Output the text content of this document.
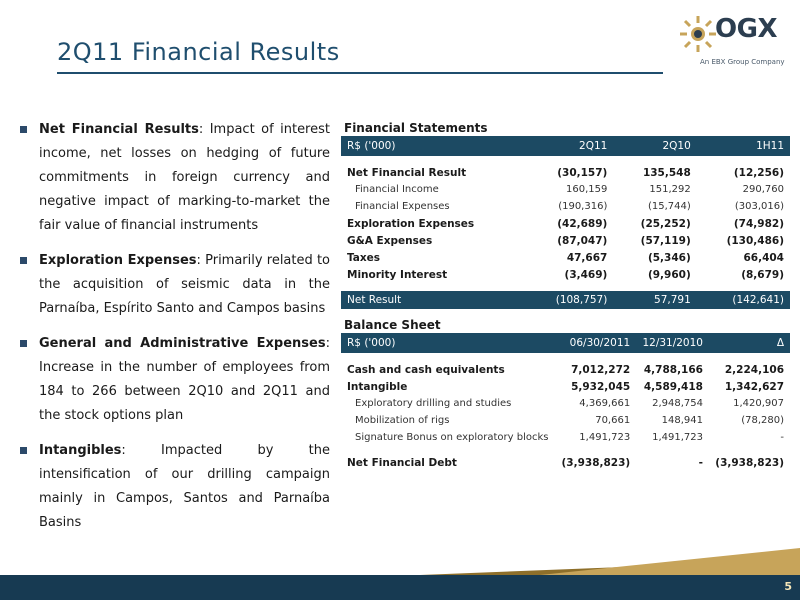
2Q11 Financial Results
OGX
An EBX Group Company
Net Financial Results: Impact of interest income, net losses on hedging of future commitments in foreign currency and negative impact of marking-to-market the fair value of financial instruments
Exploration Expenses: Primarily related to the acquisition of seismic data in the Parnaíba, Espírito Santo and Campos basins
General and Administrative Expenses: Increase in the number of employees from 184 to 266 between 2Q10 and 2Q11 and the stock options plan
Intangibles: Impacted by the intensification of our drilling campaign mainly in Campos, Santos and Parnaíba Basins
Financial Statements
R$ ('000)	2Q11	2Q10	1H11

Net Financial Result	(30,157)	135,548	(12,256)
Financial Income	160,159	151,292	290,760
Financial Expenses	(190,316)	(15,744)	(303,016)
Exploration Expenses	(42,689)	(25,252)	(74,982)
G&A Expenses	(87,047)	(57,119)	(130,486)
Taxes	47,667	(5,346)	66,404
Minority Interest	(3,469)	(9,960)	(8,679)

Net Result	(108,757)	57,791	(142,641)
Balance Sheet
R$ ('000)	06/30/2011	12/31/2010	Δ

Cash and cash equivalents	7,012,272	4,788,166	2,224,106
Intangible	5,932,045	4,589,418	1,342,627
Exploratory drilling and studies	4,369,661	2,948,754	1,420,907
Mobilization of rigs	70,661	148,941	(78,280)
Signature Bonus on exploratory blocks	1,491,723	1,491,723	-

Net Financial Debt	(3,938,823)	-	(3,938,823)
5
